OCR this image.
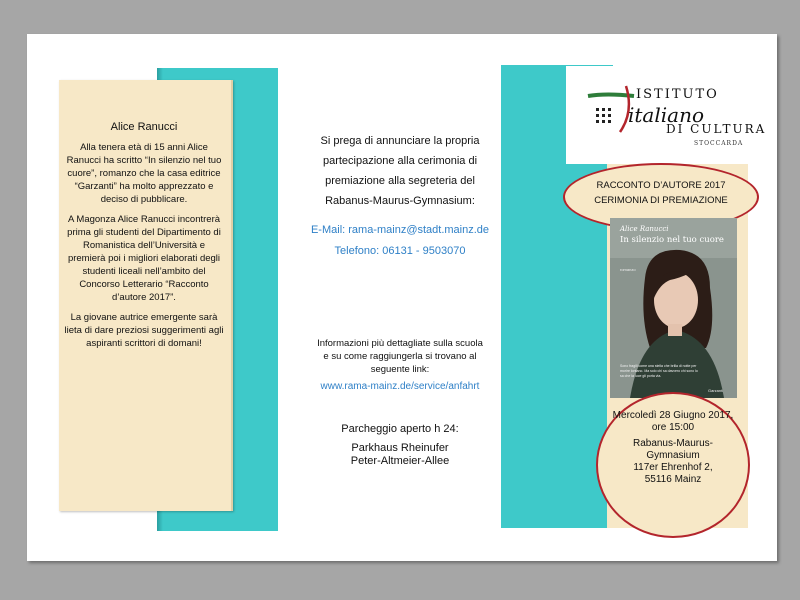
Alice Ranucci

Alla tenera età di 15 anni Alice Ranucci ha scritto “In silenzio nel tuo cuore”, romanzo che la casa editrice “Garzanti” ha molto apprezzato e deciso di pubblicare.

A Magonza Alice Ranucci incontrerà prima gli studenti del Dipartimento di Romanistica dell’Università e premierà poi i migliori elaborati degli studenti liceali nell’ambito del Concorso Letterario “Racconto d’autore 2017”.

La giovane autrice emergente sarà lieta di dare preziosi suggerimenti agli aspiranti scrittori di domani!

Si prega di annunciare la propria
partecipazione alla cerimonia di
premiazione alla segreteria del
Rabanus-Maurus-Gymnasium:
E-Mail: rama-mainz@stadt.mainz.de
Telefono: 06131 - 9503070
Informazioni più dettagliate sulla scuola
e su come raggiungerla si trovano al
seguente link:
www.rama-mainz.de/service/anfahrt
Parcheggio aperto h 24:
Parkhaus Rheinufer
Peter-Altmeier-Allee
ISTITUTO
italiano
DI CULTURA
STOCCARDA
RACCONTO D’AUTORE 2017
CERIMONIA DI PREMIAZIONE
Alice Ranucci
In silenzio nel tuo cuore
romanzo
Sono fragili come una stella che brilla di notte per morire lontano. Ma solo chi sa davvero chi sono lo sa che la luce gli porta via.
Garzanti
Mercoledì 28 Giugno 2017,
ore 15:00
Rabanus-Maurus-
Gymnasium
117er Ehrenhof 2,
55116 Mainz
